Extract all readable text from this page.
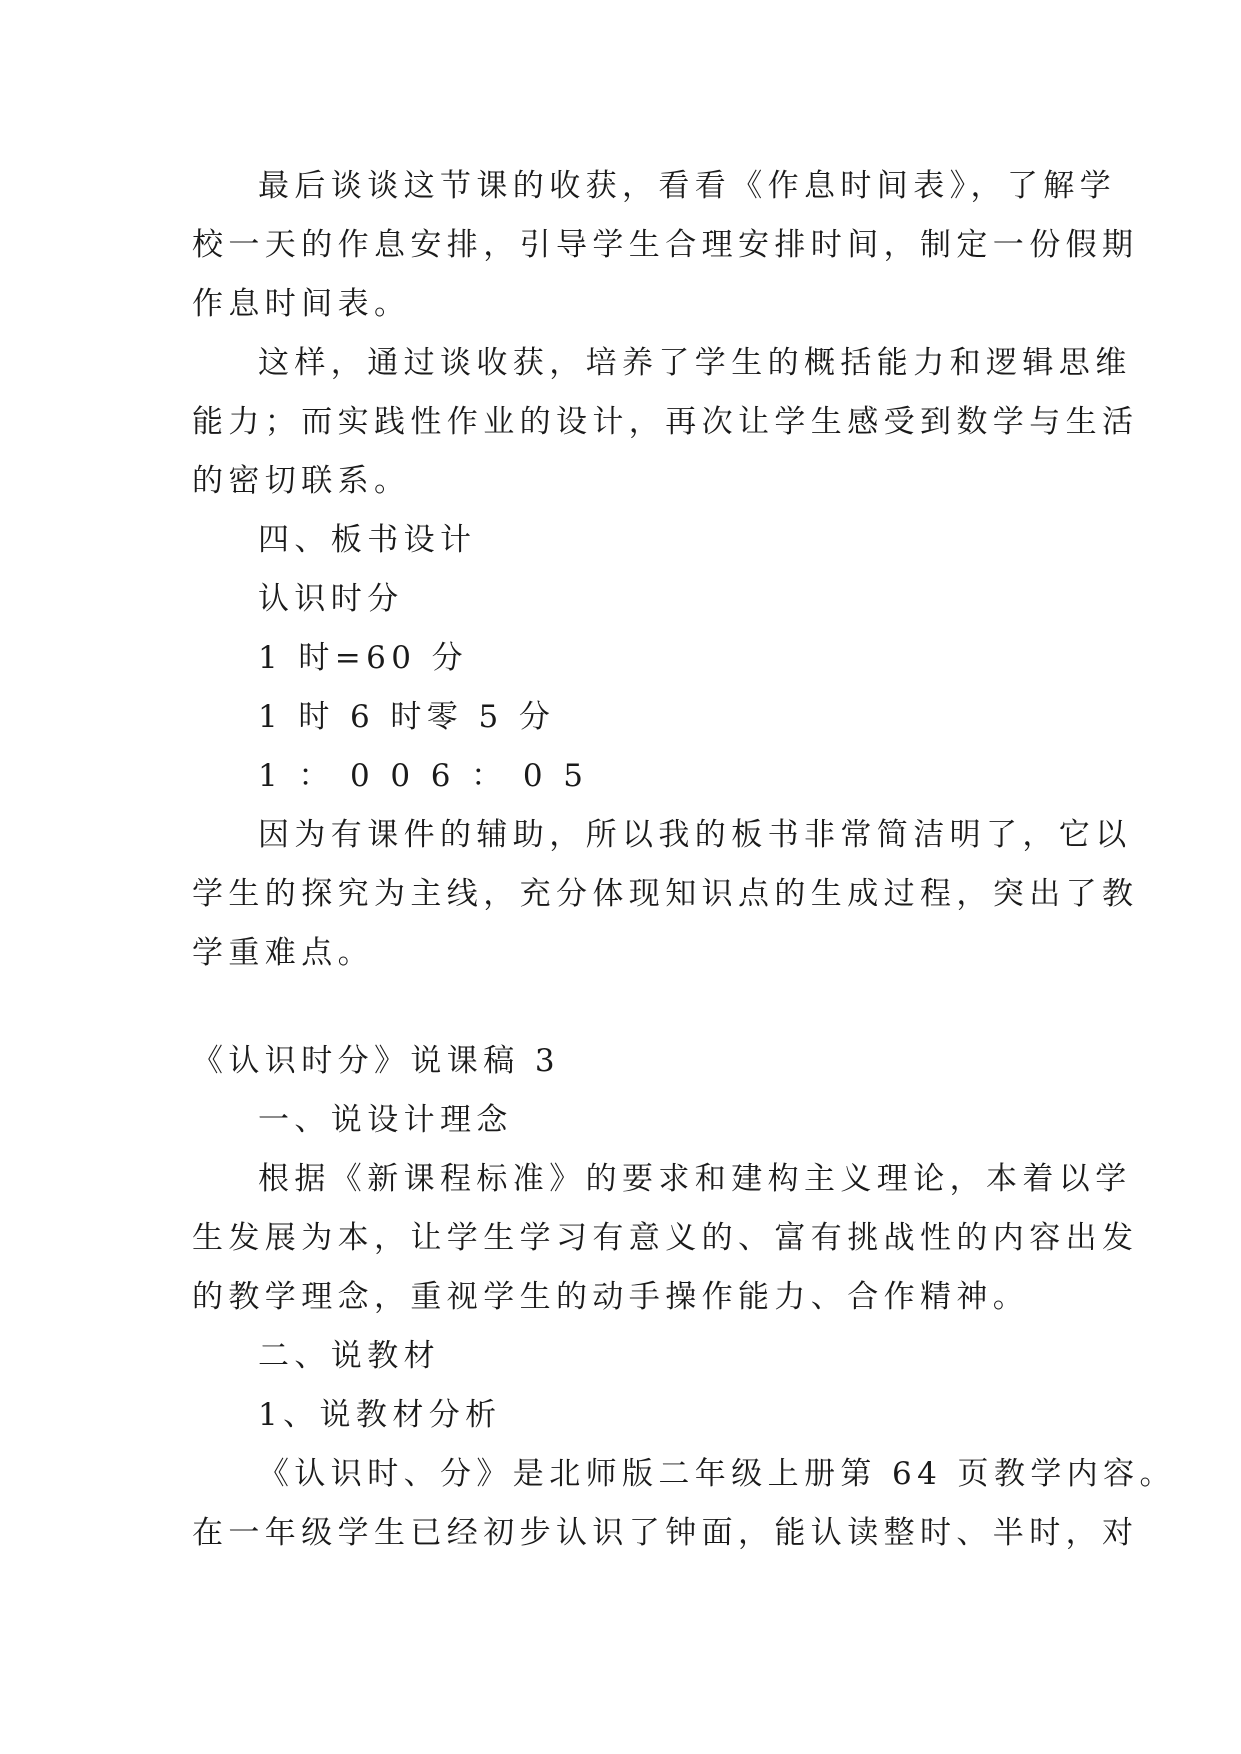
最后谈谈这节课的收获，看看《作息时间表》，了解学
校一天的作息安排，引导学生合理安排时间，制定一份假期
作息时间表。
这样，通过谈收获，培养了学生的概括能力和逻辑思维
能力；而实践性作业的设计，再次让学生感受到数学与生活
的密切联系。
四、板书设计
认识时分
1 时=60 分
1 时 6 时零 5 分
1 ： 0 0 6 ： 0 5
因为有课件的辅助，所以我的板书非常简洁明了，它以
学生的探究为主线，充分体现知识点的生成过程，突出了教
学重难点。
《认识时分》说课稿 3
一、说设计理念
根据《新课程标准》的要求和建构主义理论，本着以学
生发展为本，让学生学习有意义的、富有挑战性的内容出发
的教学理念，重视学生的动手操作能力、合作精神。
二、说教材
1、说教材分析
《认识时、分》是北师版二年级上册第 64 页教学内容。
在一年级学生已经初步认识了钟面，能认读整时、半时，对
